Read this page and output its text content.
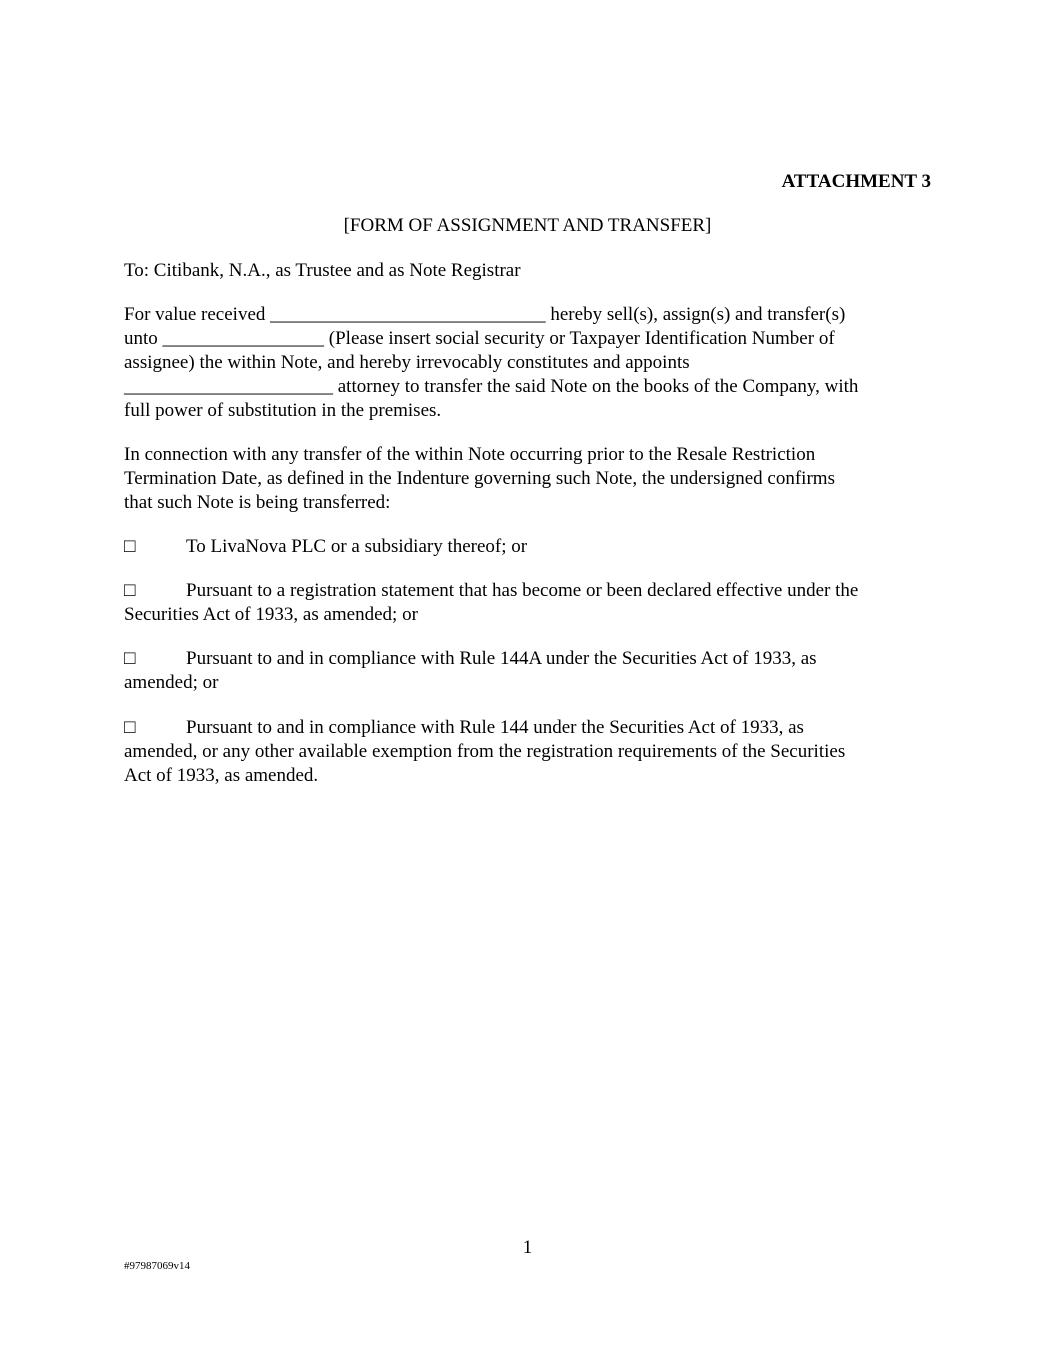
ATTACHMENT 3
[FORM OF ASSIGNMENT AND TRANSFER]
To: Citibank, N.A., as Trustee and as Note Registrar
For value received _____________________________ hereby sell(s), assign(s) and transfer(s)
unto _________________ (Please insert social security or Taxpayer Identification Number of
assignee) the within Note, and hereby irrevocably constitutes and appoints
______________________ attorney to transfer the said Note on the books of the Company, with
full power of substitution in the premises.
In connection with any transfer of the within Note occurring prior to the Resale Restriction
Termination Date, as defined in the Indenture governing such Note, the undersigned confirms
that such Note is being transferred:
□	To LivaNova PLC or a subsidiary thereof; or
□	Pursuant to a registration statement that has become or been declared effective under the
Securities Act of 1933, as amended; or
□	Pursuant to and in compliance with Rule 144A under the Securities Act of 1933, as
amended; or
□	Pursuant to and in compliance with Rule 144 under the Securities Act of 1933, as
amended, or any other available exemption from the registration requirements of the Securities
Act of 1933, as amended.
1
#97987069v14
